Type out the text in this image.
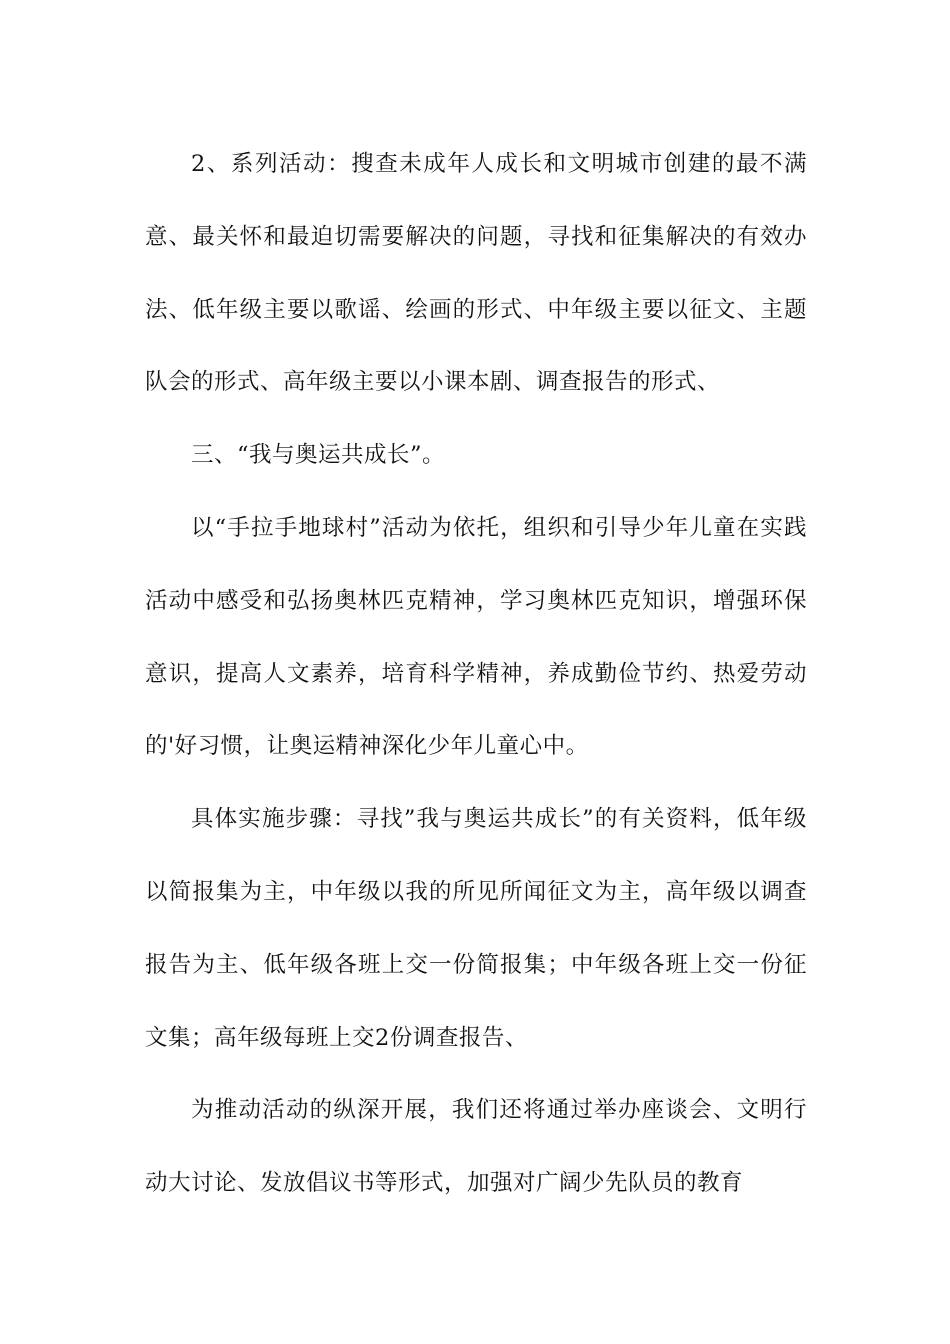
2、系列活动：搜查未成年人成长和文明城市创建的最不满意、最关怀和最迫切需要解决的问题，寻找和征集解决的有效办法、低年级主要以歌谣、绘画的形式、中年级主要以征文、主题队会的形式、高年级主要以小课本剧、调查报告的形式、

三、“我与奥运共成长”。

以“手拉手地球村”活动为依托，组织和引导少年儿童在实践活动中感受和弘扬奥林匹克精神，学习奥林匹克知识，增强环保意识，提高人文素养，培育科学精神，养成勤俭节约、热爱劳动的'好习惯，让奥运精神深化少年儿童心中。

具体实施步骤：寻找”我与奥运共成长”的有关资料，低年级以简报集为主，中年级以我的所见所闻征文为主，高年级以调查报告为主、低年级各班上交一份简报集；中年级各班上交一份征文集；高年级每班上交2份调查报告、

为推动活动的纵深开展，我们还将通过举办座谈会、文明行动大讨论、发放倡议书等形式，加强对广阔少先队员的教育
